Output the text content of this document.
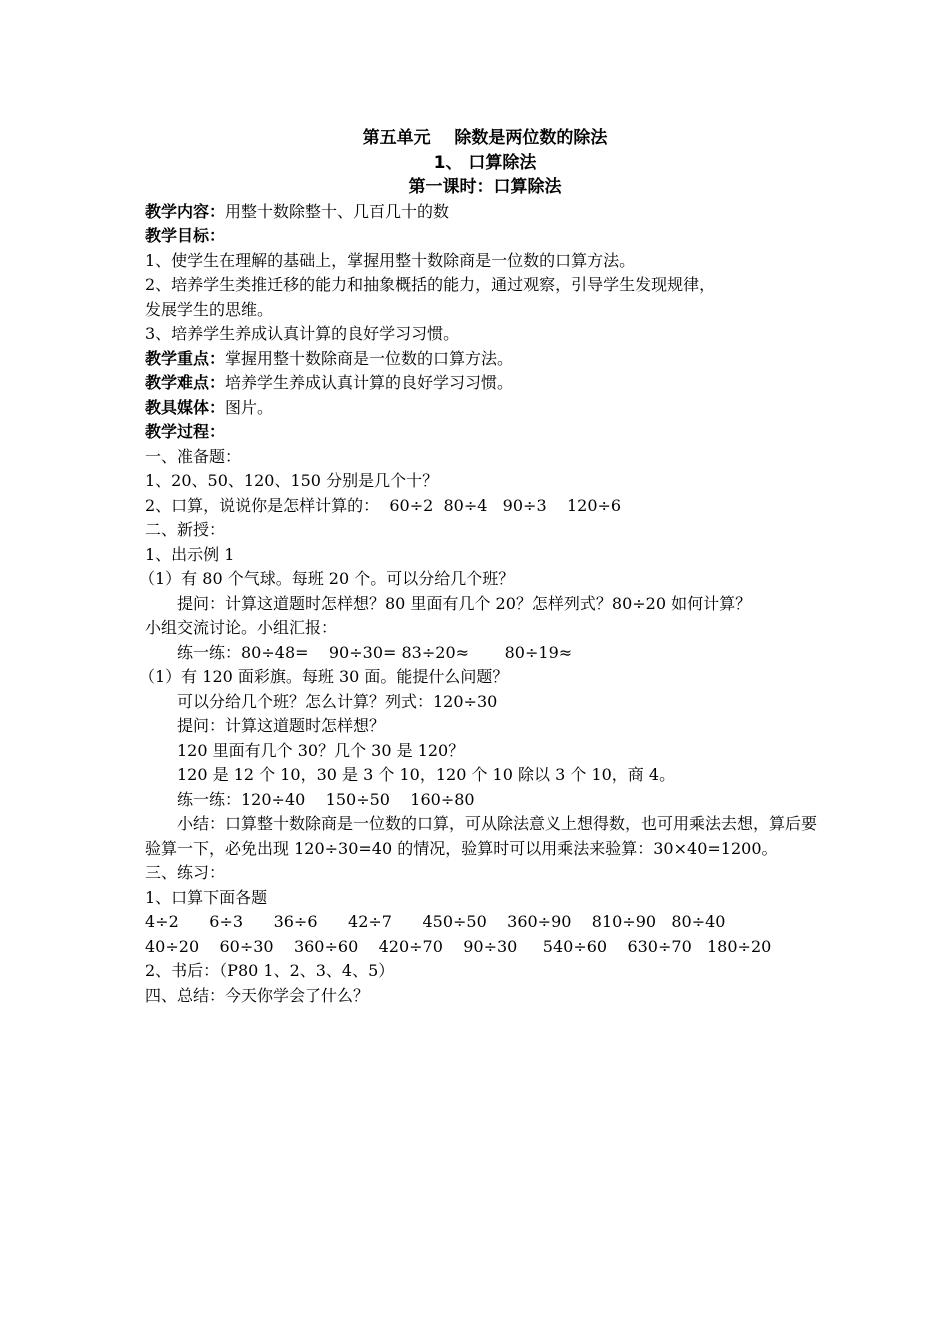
第五单元    除数是两位数的除法
1、 口算除法
第一课时：口算除法
教学内容：用整十数除整十、几百几十的数
教学目标：
1、使学生在理解的基础上，掌握用整十数除商是一位数的口算方法。
2、培养学生类推迁移的能力和抽象概括的能力，通过观察，引导学生发现规律，
发展学生的思维。
3、培养学生养成认真计算的良好学习习惯。
教学重点：掌握用整十数除商是一位数的口算方法。
教学难点：培养学生养成认真计算的良好学习习惯。
教具媒体：图片。
教学过程：
一、准备题：
1、20、50、120、150 分别是几个十？
2、口算，说说你是怎样计算的：  60÷2  80÷4   90÷3    120÷6
二、新授：
1、出示例 1
（1）有 80 个气球。每班 20 个。可以分给几个班？
提问：计算这道题时怎样想？80 里面有几个 20？怎样列式？80÷20 如何计算？
小组交流讨论。小组汇报：
练一练：80÷48=    90÷30= 83÷20≈       80÷19≈
（1）有 120 面彩旗。每班 30 面。能提什么问题？
可以分给几个班？怎么计算？列式：120÷30
提问：计算这道题时怎样想？
120 里面有几个 30？几个 30 是 120？
120 是 12 个 10，30 是 3 个 10，120 个 10 除以 3 个 10，商 4。
练一练：120÷40    150÷50    160÷80
小结：口算整十数除商是一位数的口算，可从除法意义上想得数，也可用乘法去想，算后要验算一下，必免出现 120÷30=40 的情况，验算时可以用乘法来验算：30×40=1200。
三、练习：
1、口算下面各题
4÷2      6÷3      36÷6      42÷7      450÷50    360÷90    810÷90   80÷40
40÷20    60÷30    360÷60    420÷70    90÷30     540÷60    630÷70   180÷20
2、书后：（P80 1、2、3、4、5）
四、总结：今天你学会了什么？
